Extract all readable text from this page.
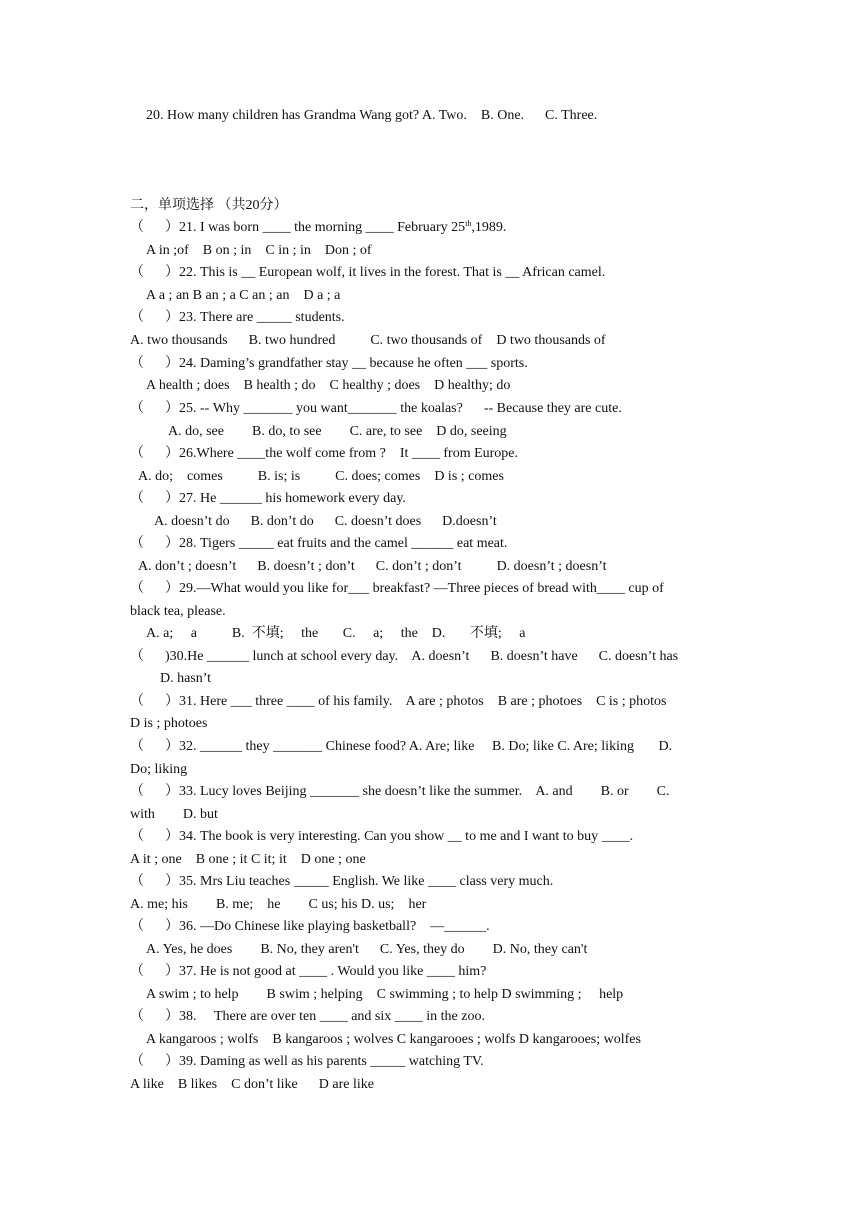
20. How many children has Grandma Wang got? A. Two.    B. One.      C. Three.
二，单项选择 （共20分）
（      ）21. I was born ____ the morning ____ February 25th,1989.
A in ;of    B on ; in    C in ; in    Don ; of
（      ）22. This is __ European wolf, it lives in the forest. That is __ African camel.
A a ; an B an ; a C an ; an    D a ; a
（      ）23. There are _____ students.
A. two thousands      B. two hundred          C. two thousands of    D two thousands of
（      ）24. Daming’s grandfather stay __ because he often ___ sports.
A health ; does    B health ; do    C healthy ; does    D healthy; do
（      ）25. -- Why _______ you want_______ the koalas?      -- Because they are cute.
A. do, see        B. do, to see        C. are, to see    D do, seeing
（      ）26.Where ____the wolf come from ?    It ____ from Europe.
A. do;    comes          B. is; is          C. does; comes    D is ; comes
（      ）27. He ______ his homework every day.
A. doesn’t do      B. don’t do      C. doesn’t does      D.doesn’t
（      ）28. Tigers _____ eat fruits and the camel ______ eat meat.
A. don’t ; doesn’t      B. doesn’t ; don’t      C. don’t ; don’t          D. doesn’t ; doesn’t
（      ）29.—What would you like for___ breakfast? —Three pieces of bread with____ cup of
black tea, please.
A. a;     a          B.  不填;     the       C.     a;     the    D.       不填;     a
（      )30.He ______ lunch at school every day.    A. doesn’t      B. doesn’t have      C. doesn’t has
D. hasn’t
（      ）31. Here ___ three ____ of his family.    A are ; photos    B are ; photoes    C is ; photos
D is ; photoes
（      ）32. ______ they _______ Chinese food? A. Are; like     B. Do; like C. Are; liking       D.
Do; liking
（      ）33. Lucy loves Beijing _______ she doesn’t like the summer.    A. and        B. or        C.
with        D. but
（      ）34. The book is very interesting. Can you show __ to me and I want to buy ____.
A it ; one    B one ; it C it; it    D one ; one
（      ）35. Mrs Liu teaches _____ English. We like ____ class very much.
A. me; his        B. me;    he        C us; his D. us;    her
（      ）36. —Do Chinese like playing basketball?    —______.
A. Yes, he does        B. No, they aren't      C. Yes, they do        D. No, they can't
（      ）37. He is not good at ____ . Would you like ____ him?
A swim ; to help        B swim ; helping    C swimming ; to help D swimming ;     help
（      ）38.     There are over ten ____ and six ____ in the zoo.
A kangaroos ; wolfs    B kangaroos ; wolves C kangarooes ; wolfs D kangarooes; wolfes
（      ）39. Daming as well as his parents _____ watching TV.
A like    B likes    C don’t like      D are like
